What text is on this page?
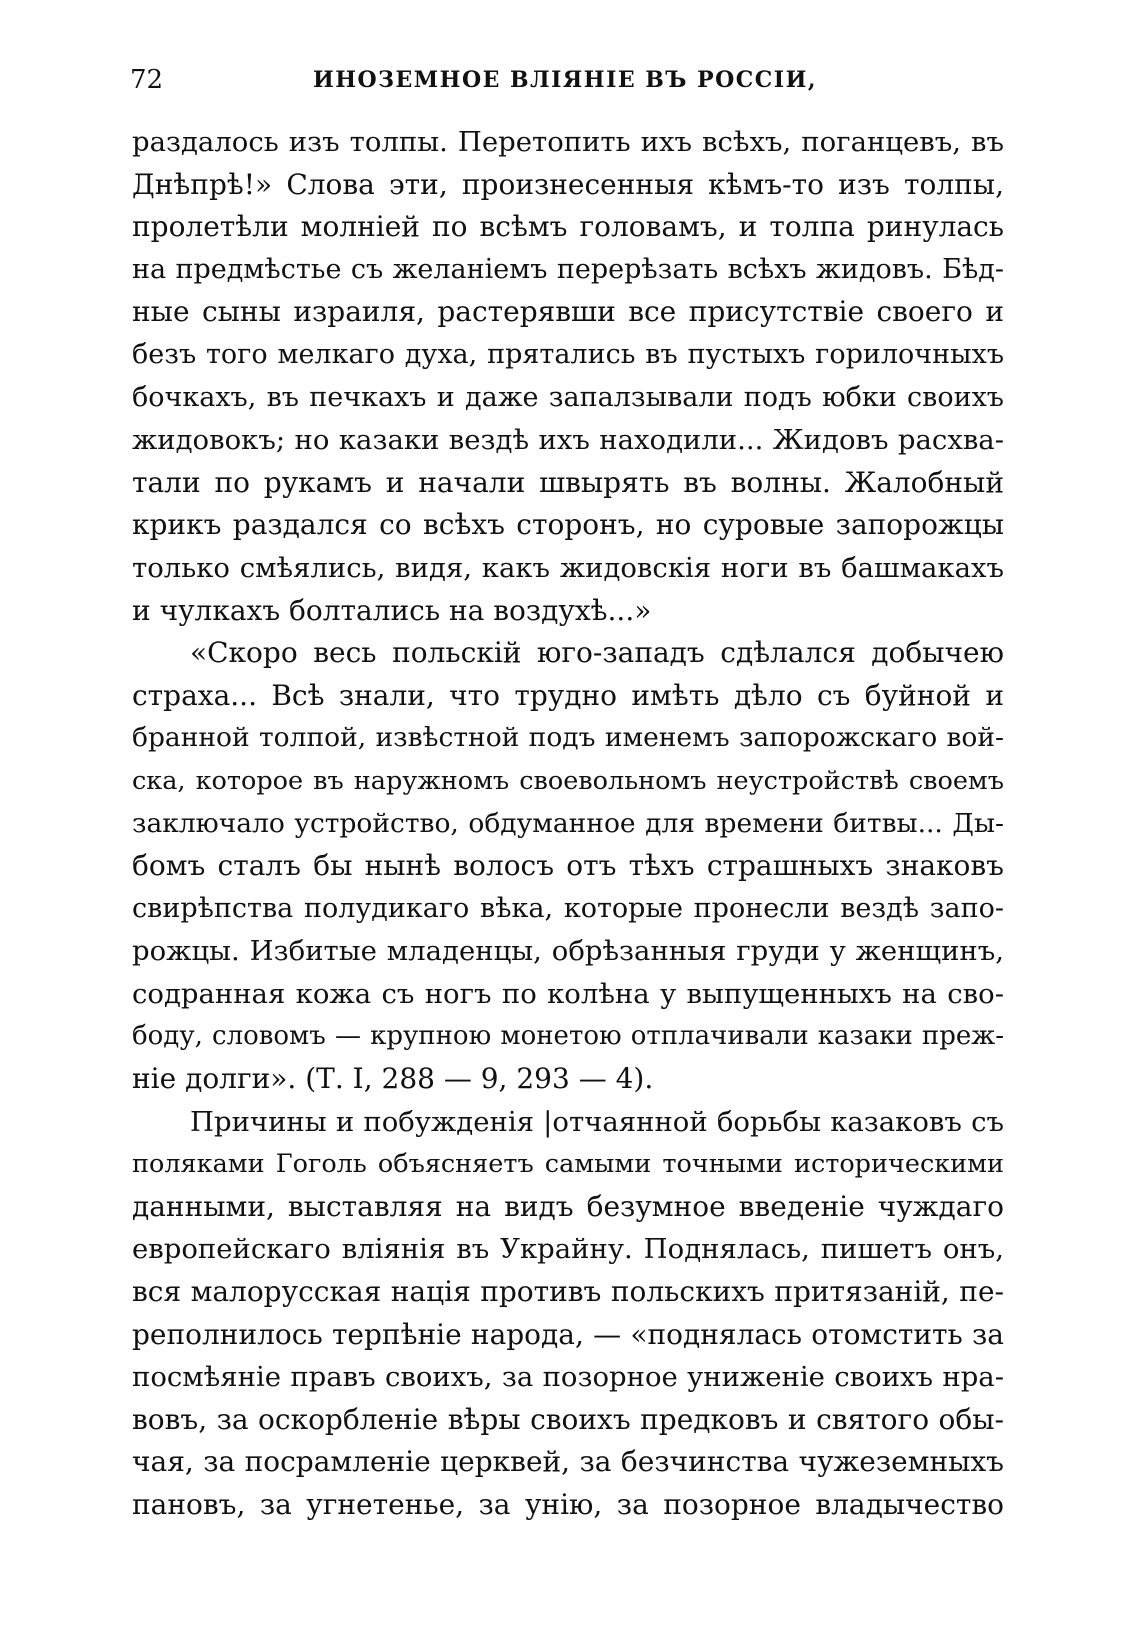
72	ИНОЗЕМНОЕ ВЛІЯНІЕ ВЪ РОССІИ,
раздалось изъ толпы. Перетопить ихъ всѣхъ, поганцевъ, въ
Днѣпрѣ!» Слова эти, произнесенныя кѣмъ-то изъ толпы,
пролетѣли молніей по всѣмъ головамъ, и толпа ринулась
на предмѣстье съ желаніемъ перерѣзать всѣхъ жидовъ. Бѣд-
ные сыны израиля, растерявши все присутствіе своего и
безъ того мелкаго духа, прятались въ пустыхъ горилочныхъ
бочкахъ, въ печкахъ и даже запалзывали подъ юбки своихъ
жидовокъ; но казаки вездѣ ихъ находили... Жидовъ расхва-
тали по рукамъ и начали швырять въ волны. Жалобный
крикъ раздался со всѣхъ сторонъ, но суровые запорожцы
только смѣялись, видя, какъ жидовскія ноги въ башмакахъ
и чулкахъ болтались на воздухѣ...»
«Скоро весь польскій юго-западъ сдѣлался добычею
страха... Всѣ знали, что трудно имѣть дѣло съ буйной и
бранной толпой, извѣстной подъ именемъ запорожскаго вой-
ска, которое въ наружномъ своевольномъ неустройствѣ своемъ
заключало устройство, обдуманное для времени битвы... Ды-
бомъ сталъ бы нынѣ волосъ отъ тѣхъ страшныхъ знаковъ
свирѣпства полудикаго вѣка, которые пронесли вездѣ запо-
рожцы. Избитые младенцы, обрѣзанныя груди у женщинъ,
содранная кожа съ ногъ по колѣна у выпущенныхъ на сво-
боду, словомъ — крупною монетою отплачивали казаки преж-
ніе долги». (Т. I, 288 — 9, 293 — 4).
Причины и побужденія |отчаянной борьбы казаковъ съ
поляками Гоголь объясняетъ самыми точными историческими
данными, выставляя на видъ безумное введеніе чуждаго
европейскаго вліянія въ Украйну. Поднялась, пишетъ онъ,
вся малорусская нація противъ польскихъ притязаній, пе-
реполнилось терпѣніе народа, — «поднялась отомстить за
посмѣяніе правъ своихъ, за позорное униженіе своихъ нра-
вовъ, за оскорбленіе вѣры своихъ предковъ и святого обы-
чая, за посрамленіе церквей, за безчинства чужеземныхъ
пановъ, за угнетенье, за унію, за позорное владычество
